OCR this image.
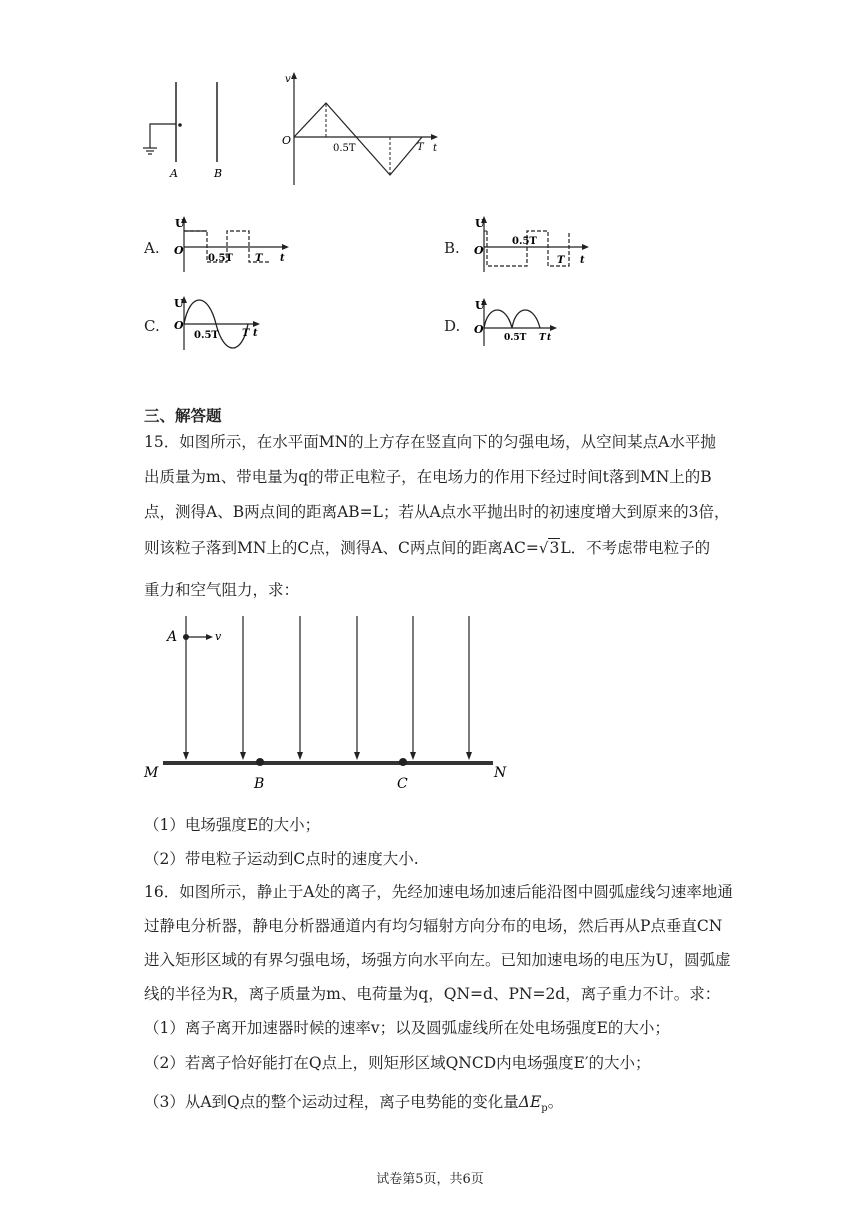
A	B
v
O
0.5T	T t
A.
U
O
0.5T T t
B.
U
O
0.5T
T t
C.
U
O
0.5T T t	D.
U
O
0.5T T t
三、解答题
15．如图所示，在水平面MN的上方存在竖直向下的匀强电场，从空间某点A水平抛
出质量为m、带电量为q的带正电粒子，在电场力的作用下经过时间t落到MN上的B
点，测得A、B两点间的距离AB=L；若从A点水平抛出时的初速度增大到原来的3倍，
则该粒子落到MN上的C点，测得A、C两点间的距离AC=√3L．不考虑带电粒子的
重力和空气阻力，求：
A	v
M	N
B	C
（1）电场强度E的大小；
（2）带电粒子运动到C点时的速度大小.
16．如图所示，静止于A处的离子，先经加速电场加速后能沿图中圆弧虚线匀速率地通
过静电分析器，静电分析器通道内有均匀辐射方向分布的电场，然后再从P点垂直CN
进入矩形区域的有界匀强电场，场强方向水平向左。已知加速电场的电压为U，圆弧虚
线的半径为R，离子质量为m、电荷量为q，QN=d、PN=2d，离子重力不计。求：
（1）离子离开加速器时候的速率v；以及圆弧虚线所在处电场强度E的大小；
（2）若离子恰好能打在Q点上，则矩形区域QNCD内电场强度E′的大小；
（3）从A到Q点的整个运动过程，离子电势能的变化量$\Delta E_p$。
试卷第5页，共6页
